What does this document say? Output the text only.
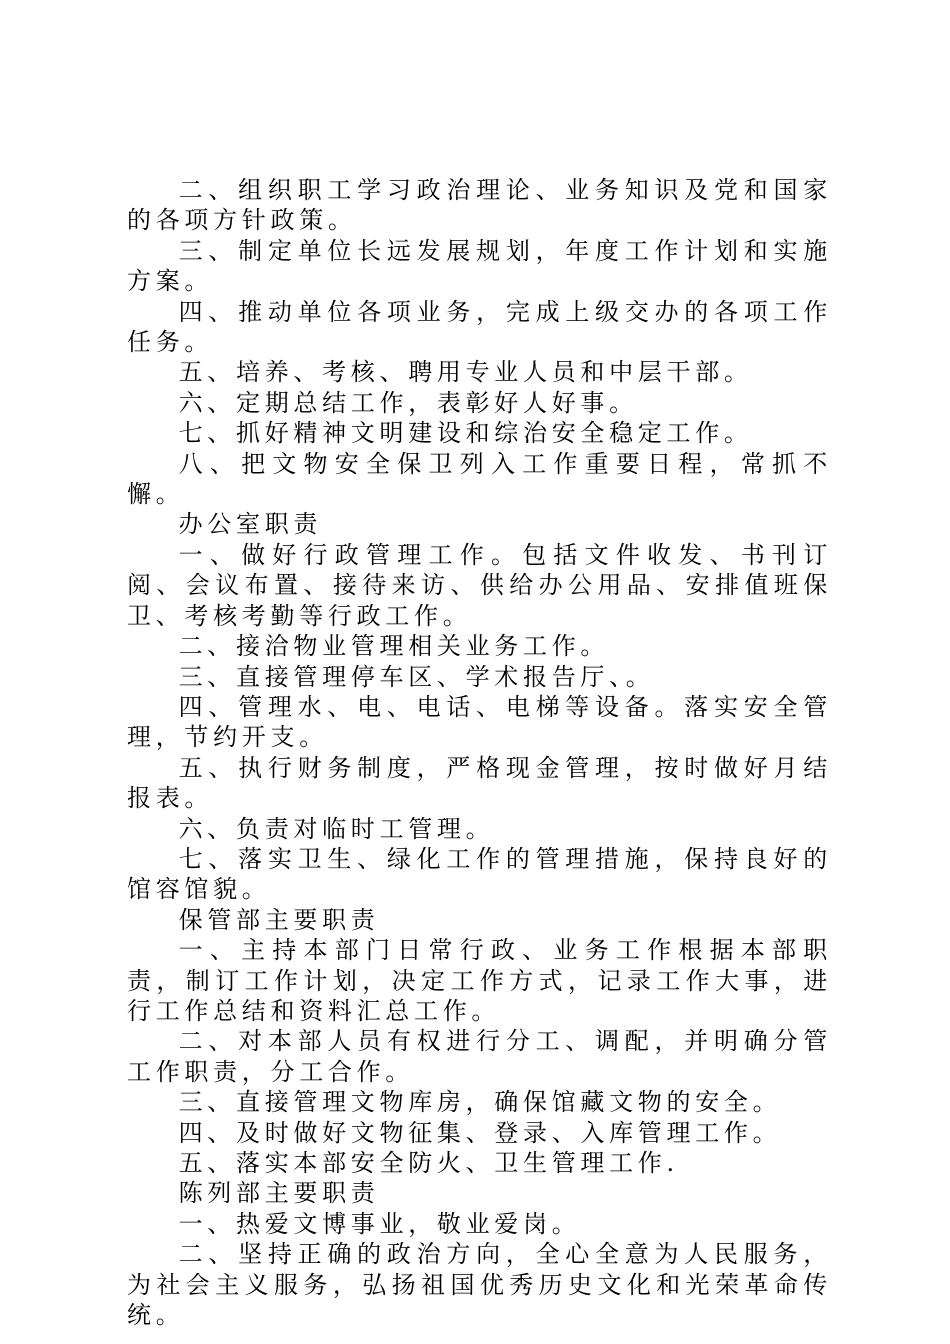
二、组织职工学习政治理论、业务知识及党和国家的各项方针政策。

三、制定单位长远发展规划，年度工作计划和实施方案。

四、推动单位各项业务，完成上级交办的各项工作任务。

五、培养、考核、聘用专业人员和中层干部。

六、定期总结工作，表彰好人好事。

七、抓好精神文明建设和综治安全稳定工作。

八、把文物安全保卫列入工作重要日程，常抓不懈。

办公室职责

一、做好行政管理工作。包括文件收发、书刊订阅、会议布置、接待来访、供给办公用品、安排值班保卫、考核考勤等行政工作。

二、接洽物业管理相关业务工作。

三、直接管理停车区、学术报告厅、。

四、管理水、电、电话、电梯等设备。落实安全管理，节约开支。

五、执行财务制度，严格现金管理，按时做好月结报表。

六、负责对临时工管理。

七、落实卫生、绿化工作的管理措施，保持良好的馆容馆貌。

保管部主要职责

一、主持本部门日常行政、业务工作根据本部职责，制订工作计划，决定工作方式，记录工作大事，进行工作总结和资料汇总工作。

二、对本部人员有权进行分工、调配，并明确分管工作职责，分工合作。

三、直接管理文物库房，确保馆藏文物的安全。

四、及时做好文物征集、登录、入库管理工作。

五、落实本部安全防火、卫生管理工作.

陈列部主要职责

一、热爱文博事业，敬业爱岗。

二、坚持正确的政治方向，全心全意为人民服务，为社会主义服务，弘扬祖国优秀历史文化和光荣革命传统。
